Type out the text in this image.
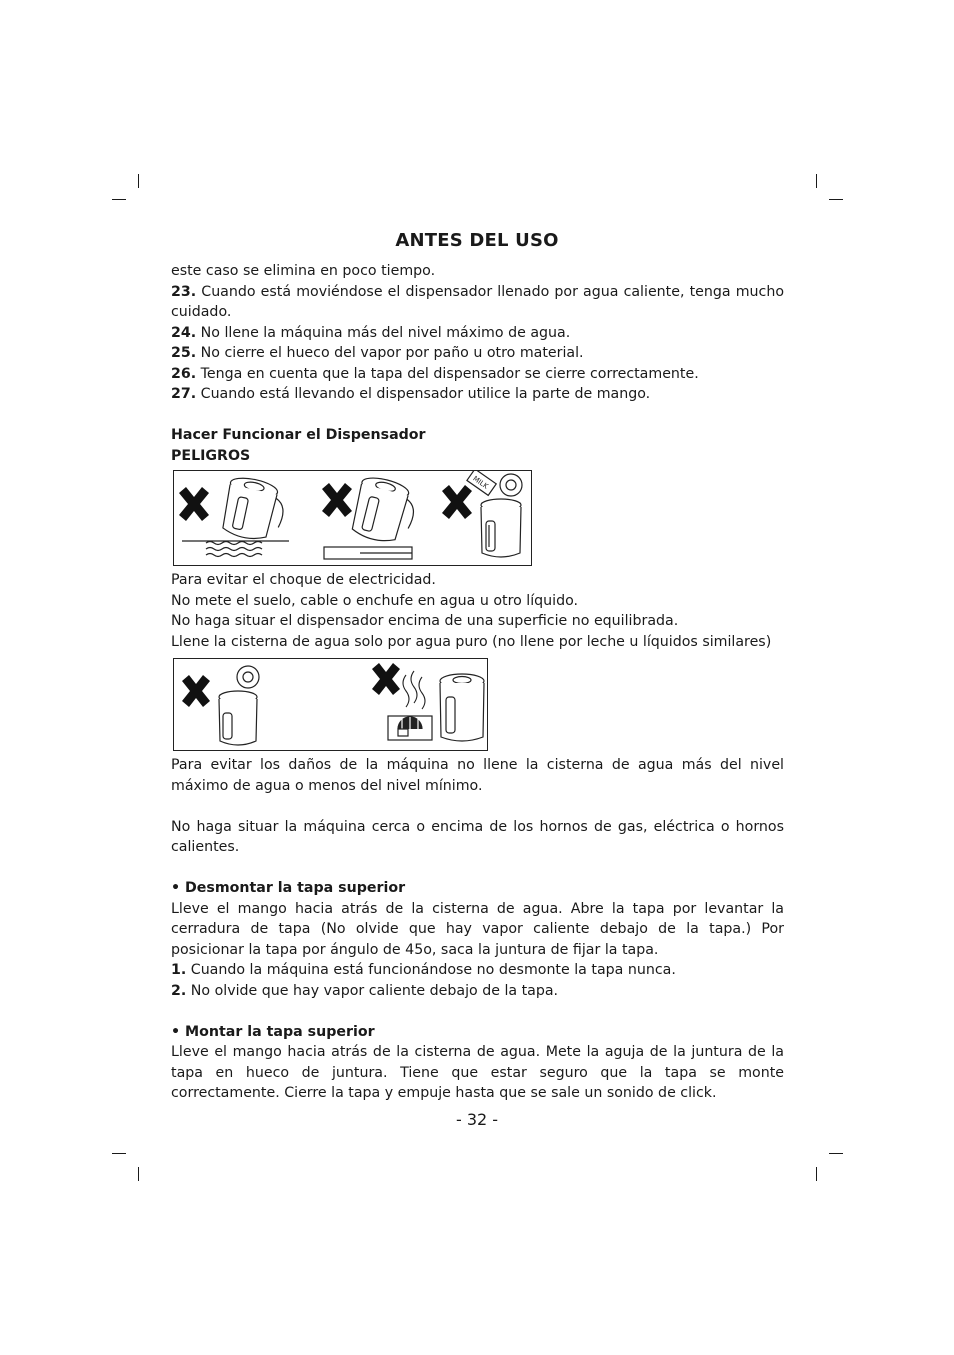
ANTES DEL USO

este caso se elimina en poco tiempo.

23. Cuando está moviéndose el dispensador llenado por agua caliente, tenga mucho cuidado.

24. No llene la máquina más del nivel máximo de agua.

25. No cierre el hueco del vapor por paño u otro material.

26. Tenga en cuenta que la tapa del dispensador se cierre correctamente.

27. Cuando está llevando el dispensador utilice la parte de mango.

Hacer Funcionar el Dispensador

PELIGROS

MILK

Para evitar el choque de electricidad.

No mete el suelo, cable o enchufe en agua u otro líquido.

No haga situar el dispensador encima de una superficie no equilibrada.

Llene la cisterna de agua solo por agua puro (no llene por leche u líquidos similares)

Para evitar los daños de la máquina no llene la cisterna de agua más del nivel máximo de agua o menos del nivel mínimo.

No haga situar la máquina cerca o encima de los hornos de gas, eléctrica o hornos calientes.

• Desmontar la tapa superior

Lleve el mango hacia atrás de la cisterna de agua. Abre la tapa por levantar la cerradura de tapa (No olvide que hay vapor caliente debajo de la tapa.) Por posicionar la tapa por ángulo de 45o, saca la juntura de fijar la tapa.

1. Cuando la máquina está funcionándose no desmonte la tapa nunca.

2. No olvide que hay vapor caliente debajo de la tapa.

• Montar la tapa superior

Lleve el mango hacia atrás de la cisterna de agua. Mete la aguja de la juntura de la tapa en hueco de juntura. Tiene que estar seguro que la tapa se monte correctamente. Cierre la tapa y empuje hasta que se sale un sonido de click.

- 32 -
